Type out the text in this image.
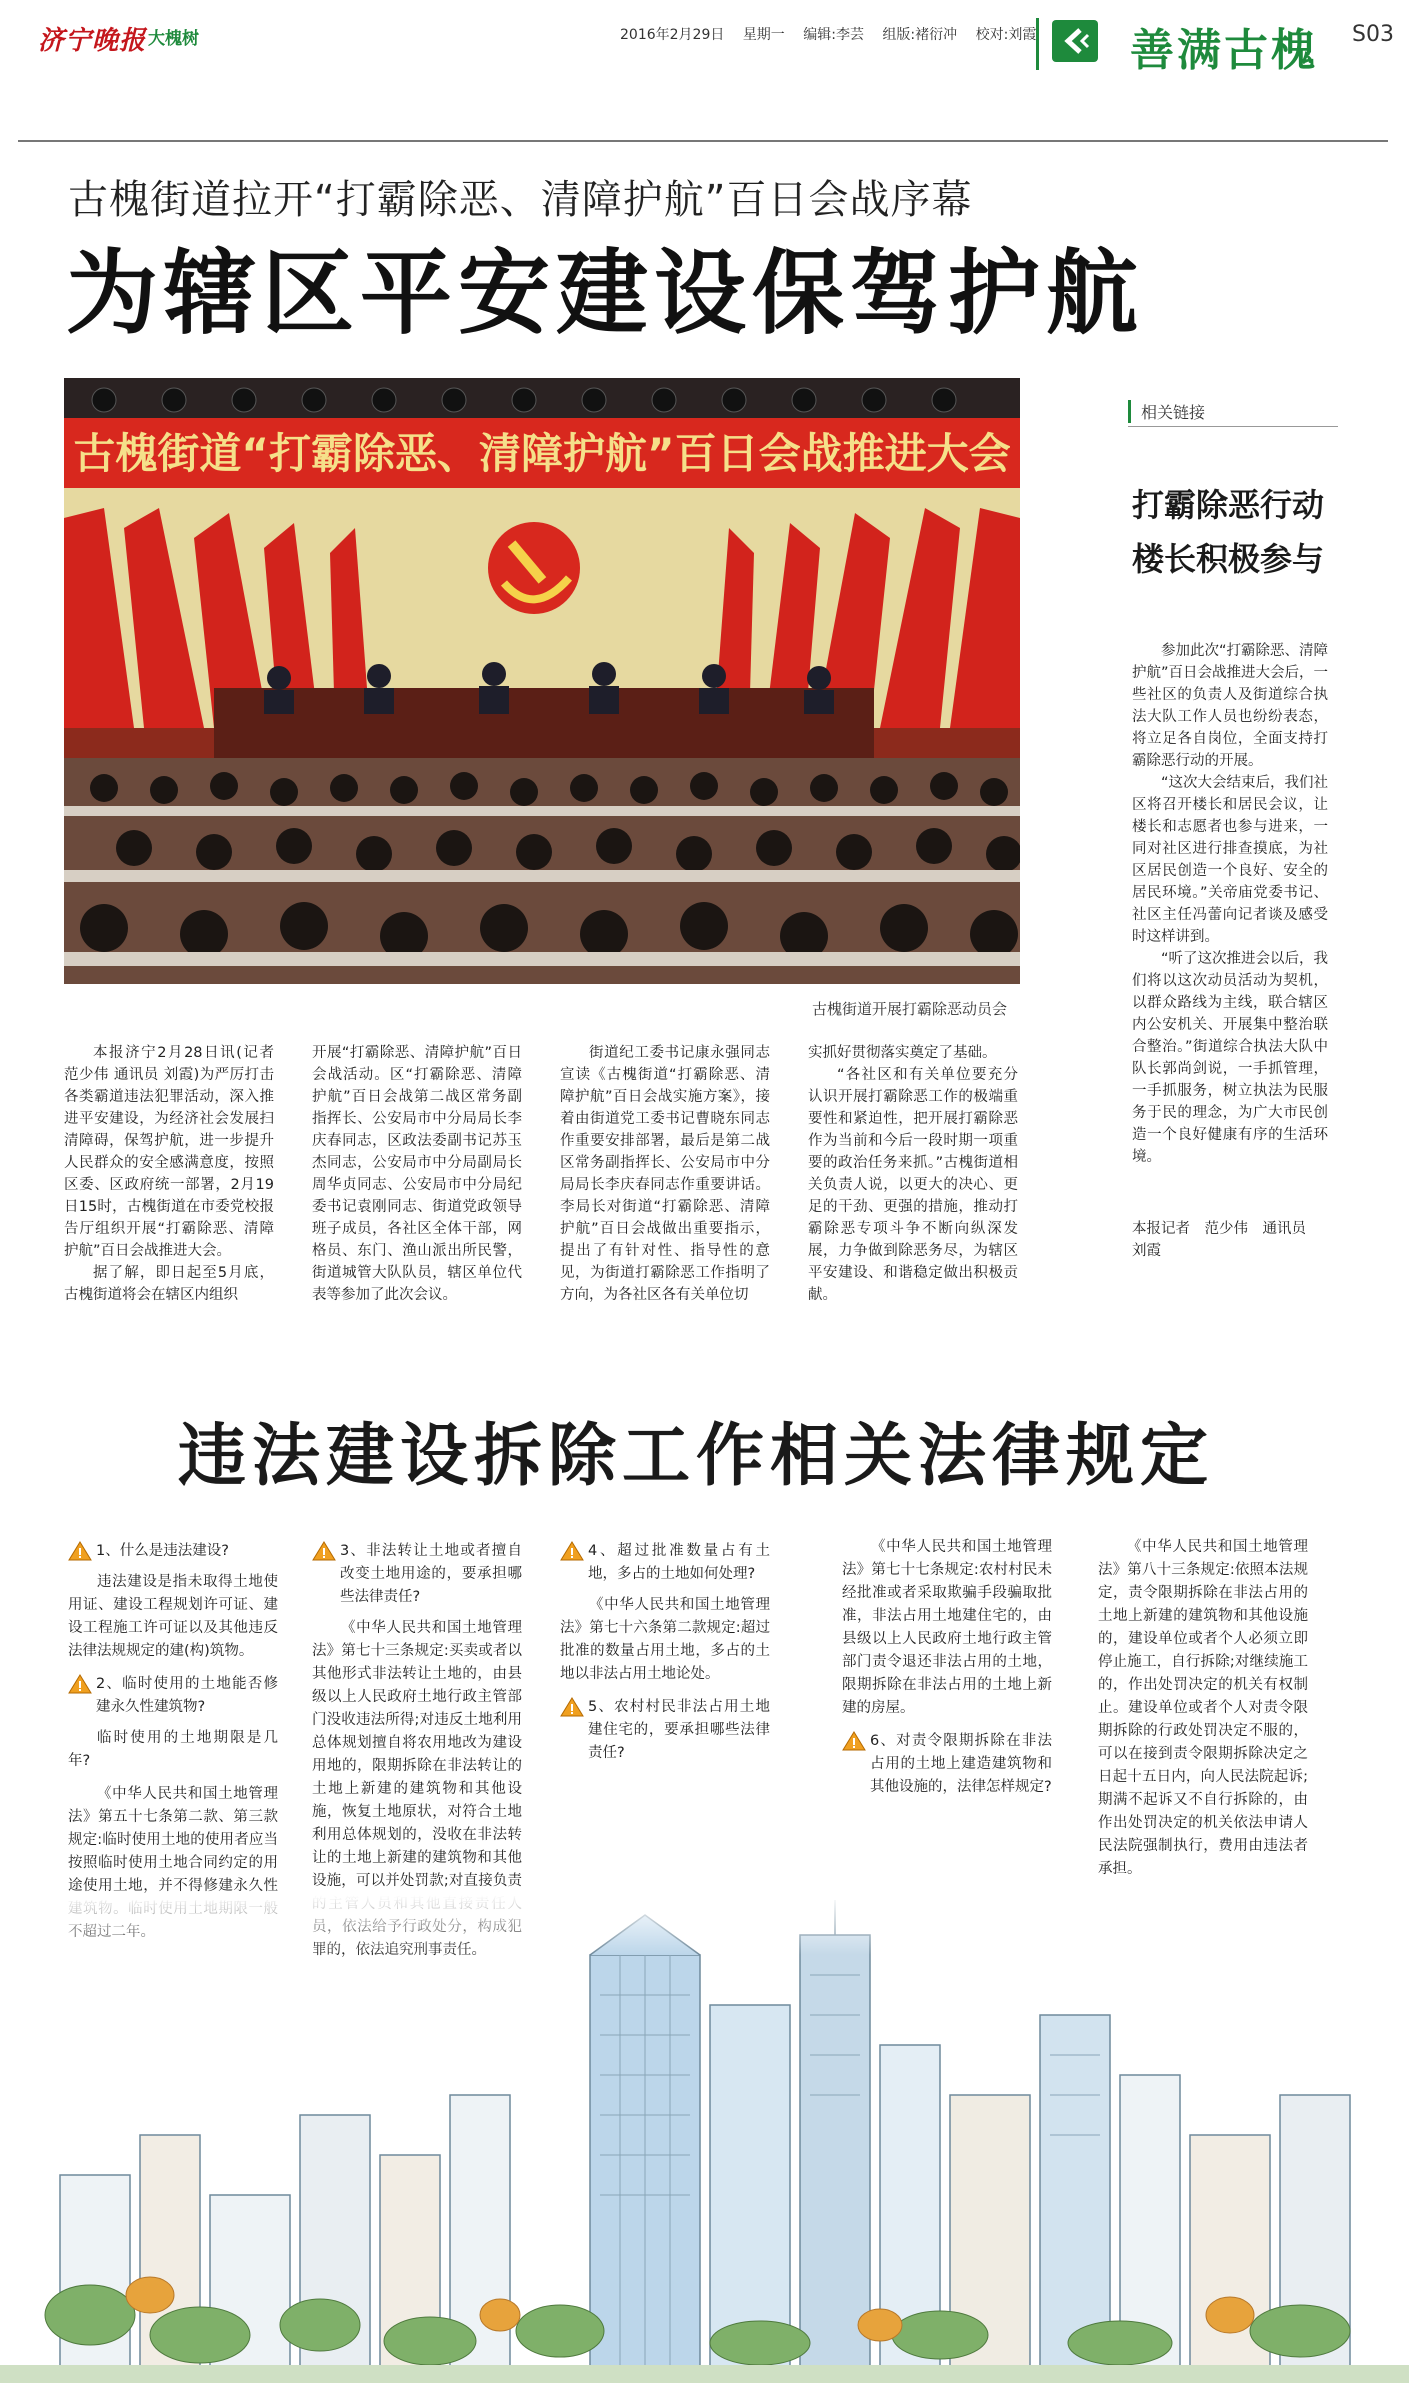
济宁晚报 大槐树	2016年2月29日 星期一 编辑:李芸 组版:褚衍冲 校对:刘霞	善满古槐 S03
古槐街道拉开“打霸除恶、清障护航”百日会战序幕
为辖区平安建设保驾护航
古槐街道“打霸除恶、清障护航”百日会战推进大会
古槐街道开展打霸除恶动员会
相关链接
打霸除恶行动
楼长积极参与

参加此次“打霸除恶、清障护航”百日会战推进大会后，一些社区的负责人及街道综合执法大队工作人员也纷纷表态，将立足各自岗位，全面支持打霸除恶行动的开展。

“这次大会结束后，我们社区将召开楼长和居民会议，让楼长和志愿者也参与进来，一同对社区进行排查摸底，为社区居民创造一个良好、安全的居民环境。”关帝庙党委书记、社区主任冯蕾向记者谈及感受时这样讲到。

“听了这次推进会以后，我们将以这次动员活动为契机，以群众路线为主线，联合辖区内公安机关、开展集中整治联合整治。”街道综合执法大队中队长郭尚剑说，一手抓管理，一手抓服务，树立执法为民服务于民的理念，为广大市民创造一个良好健康有序的生活环境。

本报记者　范少伟　通讯员　刘霞

本报济宁2月28日讯(记者 范少伟 通讯员 刘霞)为严厉打击各类霸道违法犯罪活动，深入推进平安建设，为经济社会发展扫清障碍，保驾护航，进一步提升人民群众的安全感满意度，按照区委、区政府统一部署，2月19日15时，古槐街道在市委党校报告厅组织开展“打霸除恶、清障护航”百日会战推进大会。

据了解，即日起至5月底，古槐街道将会在辖区内组织

开展“打霸除恶、清障护航”百日会战活动。区“打霸除恶、清障护航”百日会战第二战区常务副指挥长、公安局市中分局局长李庆春同志，区政法委副书记苏玉杰同志，公安局市中分局副局长周华贞同志、公安局市中分局纪委书记袁刚同志、街道党政领导班子成员，各社区全体干部，网格员、东门、渔山派出所民警，街道城管大队队员，辖区单位代表等参加了此次会议。

街道纪工委书记康永强同志宣读《古槐街道“打霸除恶、清障护航”百日会战实施方案》，接着由街道党工委书记曹晓东同志作重要安排部署，最后是第二战区常务副指挥长、公安局市中分局局长李庆春同志作重要讲话。李局长对街道“打霸除恶、清障护航”百日会战做出重要指示，提出了有针对性、指导性的意见，为街道打霸除恶工作指明了方向，为各社区各有关单位切

实抓好贯彻落实奠定了基础。

“各社区和有关单位要充分认识开展打霸除恶工作的极端重要性和紧迫性，把开展打霸除恶作为当前和今后一段时期一项重要的政治任务来抓。”古槐街道相关负责人说，以更大的决心、更足的干劲、更强的措施，推动打霸除恶专项斗争不断向纵深发展，力争做到除恶务尽，为辖区平安建设、和谐稳定做出积极贡献。

违法建设拆除工作相关法律规定
1、什么是违法建设?

违法建设是指未取得土地使用证、建设工程规划许可证、建设工程施工许可证以及其他违反法律法规规定的建(构)筑物。

2、临时使用的土地能否修建永久性建筑物?

临时使用的土地期限是几年?

《中华人民共和国土地管理法》第五十七条第二款、第三款规定:临时使用土地的使用者应当按照临时使用土地合同约定的用途使用土地，并不得修建永久性

3、非法转让土地或者擅自改变土地用途的，要承担哪些法律责任?

《中华人民共和国土地管理法》第七十三条规定:买卖或者以其他形式非法转让土地的，由县级以上人民政府土地行政主管部门没收违法所得;对违反土地利用总体规划擅自将农用地改为建设用地的，限期拆除在非法转让的土地上新建的建筑物和其他设施，恢复土地原状，对符合土地利用总体规划的，没收在非法转让的土地上新建的建筑物和其他设施，可以并处罚款;对直接负责

4、超过批准数量占有土地，多占的土地如何处理?

《中华人民共和国土地管理法》第七十六条第二款规定:超过批准的数量占用土地，多占的土地以非法占用土地论处。

5、农村村民非法占用土地建住宅的，要承担哪些法律责任?

《中华人民共和国土地管理法》第七十七条规定:农村村民未经批准或者采取欺骗手段骗取批准，非法占用土地建住宅的，由县级以上人民政府土地行政主管部门责令退还非法占用的土地，限期拆除在非法占用的土地上新建的房屋。

6、对责令限期拆除在非法占用的土地上建造建筑物和其他设施的，法律怎样规定?

《中华人民共和国土地管理法》第八十三条规定:依照本法规定，责令限期拆除在非法占用的土地上新建的建筑物和其他设施的，建设单位或者个人必须立即停止施工，自行拆除;对继续施工的，作出处罚决定的机关有权制止。建设单位或者个人对责令限期拆除的行政处罚决定不服的，可以在接到责令限期拆除决定之日起十五日内，向人民法院起诉;期满不起诉又不自行拆除的，由作出处罚决定的机关依法申请人民法院强制执行，费用由违法者承担。
